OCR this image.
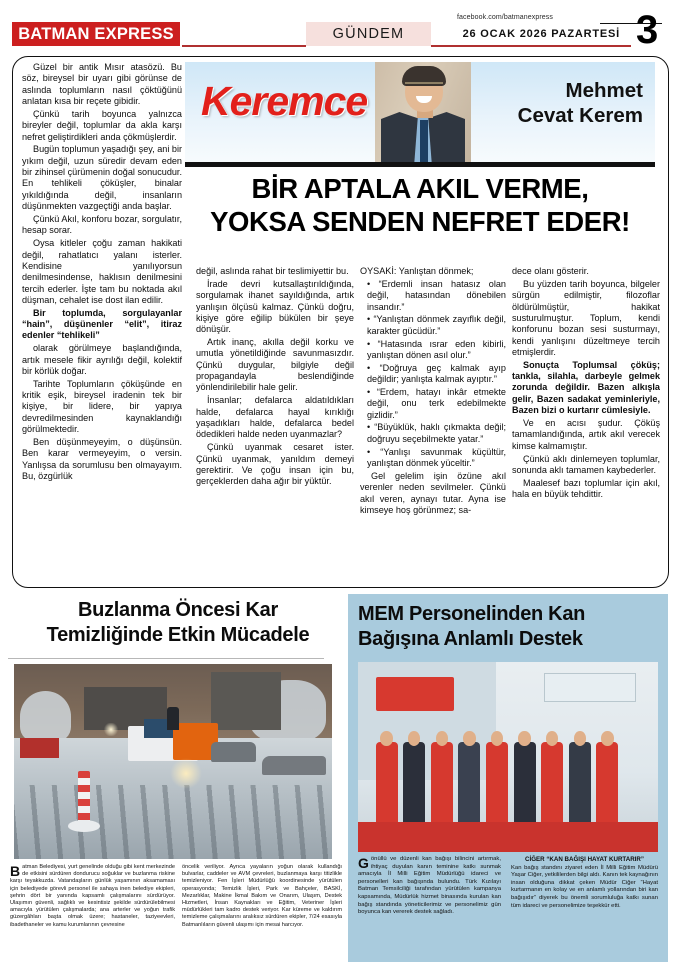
BATMAN EXPRESS	GÜNDEM
facebook.com/batmanexpress
26 OCAK 2026 PAZARTESİ 3
Keremce	Mehmet
Cevat Kerem
BİR APTALA AKIL VERME,
YOKSA SENDEN NEFRET EDER!

Güzel bir antik Mısır atasözü. Bu söz, bireysel bir uyarı gibi görünse de aslında toplumların nasıl çöktüğünü anlatan kısa bir reçete gibidir.

Çünkü tarih boyunca yalnızca bireyler değil, toplumlar da akla karşı nefret geliştirdikleri anda çökmüşlerdir.

Bugün toplumun yaşadığı şey, ani bir yıkım değil, uzun süredir devam eden bir zihinsel çürümenin doğal sonucudur. En tehlikeli çöküşler, binalar yıkıldığında değil, insanların düşünmekten vazgeçtiği anda başlar.

Çünkü Akıl, konforu bozar, sorgulatır, hesap sorar.

Oysa kitleler çoğu zaman hakikati değil, rahatlatıcı yalanı isterler. Kendisine yanılıyorsun denilmesindense, haklısın denilmesini tercih ederler. İşte tam bu noktada akıl düşman, cehalet ise dost ilan edilir.

Bir toplumda, sorgulayanlar “hain”, düşünenler “elit”, itiraz edenler “tehlikeli”

olarak görülmeye başlandığında, artık mesele fikir ayrılığı değil, kolektif bir körlük doğar.

Tarihte Toplumların çöküşünde en kritik eşik, bireysel iradenin tek bir kişiye, bir lidere, bir yapıya devredilmesinden kaynaklandığı görülmektedir.

Ben düşünmeyeyim, o düşünsün. Ben karar vermeyeyim, o versin. Yanlışsa da sorumlusu ben olmayayım. Bu, özgürlük

değil, aslında rahat bir teslimiyettir bu.

İrade devri kutsallaştırıldığında, sorgulamak ihanet sayıldığında, artık yanlışın ölçüsü kalmaz. Çünkü doğru, kişiye göre eğilip bükülen bir şeye dönüşür.

Artık inanç, akılla değil korku ve umutla yönetildiğinde savunmasızdır. Çünkü duygular, bilgiyle değil propagandayla beslendiğinde yönlendirilebilir hale gelir.

İnsanlar; defalarca aldatıldıkları halde, defalarca hayal kırıklığı yaşadıkları halde, defalarca bedel ödedikleri halde neden uyanmazlar?

Çünkü uyanmak cesaret ister. Çünkü uyanmak, yanıldım demeyi gerektirir. Ve çoğu insan için bu, gerçeklerden daha ağır bir yüktür.

OYSAKİ: Yanlıştan dönmek;

• “Erdemli insan hatasız olan değil, hatasından dönebilen insandır.”

• “Yanlıştan dönmek zayıflık değil, karakter gücüdür.”

• “Hatasında ısrar eden kibirli, yanlıştan dönen asıl olur.”

• “Doğruya geç kalmak ayıp değildir; yanlışta kalmak ayıptır.”

• “Erdem, hatayı inkâr etmekte değil, onu terk edebilmekte gizlidir.”

• “Büyüklük, haklı çıkmakta değil; doğruyu seçebilmekte yatar.”

• “Yanlışı savunmak küçültür, yanlıştan dönmek yüceltir.”

Gel gelelim işin özüne akıl verenler neden sevilmeler. Çünkü akıl veren, aynayı tutar. Ayna ise kimseye hoş görünmez; sa-

dece olanı gösterir.

Bu yüzden tarih boyunca, bilgeler sürgün edilmiştir, filozoflar öldürülmüştür, hakikat susturulmuştur. Toplum, kendi konforunu bozan sesi susturmayı, kendi yanlışını düzeltmeye tercih etmişlerdir.

Sonuçta Toplumsal çöküş; tankla, silahla, darbeyle gelmek zorunda değildir. Bazen alkışla gelir, Bazen sadakat yeminleriyle, Bazen bizi o kurtarır cümlesiyle.

Ve en acısı şudur. Çöküş tamamlandığında, artık akıl verecek kimse kalmamıştır.

Çünkü aklı dinlemeyen toplumlar, sonunda aklı tamamen kaybederler.

Maalesef bazı toplumlar için akıl, hala en büyük tehdittir.

Buzlanma Öncesi Kar
Temizliğinde Etkin Mücadele
Batman Belediyesi, yurt genelinde olduğu gibi kent merkezinde de etkisini sürdüren dondurucu soğuklar ve buzlanma riskine karşı teyakkuzda. Vatandaşların günlük yaşamının aksamaması için belediyede görevli personel ile sahaya inen belediye ekipleri, şehrin dört bir yanında kapsamlı çalışmalarını sürdürüyor. Ulaşımın güvenli, sağlıklı ve kesintisiz şekilde sürdürülebilmesi amacıyla yürütülen çalışmalarda; ana arterler ve yoğun trafik güzergâhları başta olmak üzere; hastaneler, taziyeevleri, ibadethaneler ve kamu kurumlarının çevresine
öncelik veriliyor. Ayrıca yayaların yoğun olarak kullandığı bulvarlar, caddeler ve AVM çevreleri, buzlanmaya karşı titizlikle temizleniyor. Fen İşleri Müdürlüğü koordinesinde yürütülen operasyonda; Temizlik İşleri, Park ve Bahçeler, BASKİ, Mezarlıklar, Makine İkmal Bakım ve Onarım, Ulaşım, Destek Hizmetleri, İnsan Kaynakları ve Eğitim, Veteriner İşleri müdürlükleri tam kadro destek veriyor. Kar küreme ve kaldırım temizleme çalışmalarını aralıksız sürdüren ekipler, 7/24 esasıyla Batmanlıların güvenli ulaşımı için mesai harcıyor.
MEM Personelinden Kan
Bağışına Anlamlı Destek
Gönüllü ve düzenli kan bağışı bilincini artırmak, ihtiyaç duyulan kanın teminine katkı sunmak amacıyla İl Milli Eğitim Müdürlüğü idareci ve personelleri kan bağışında bulundu. Türk Kızılayı Batman Temsilciliği tarafından yürütülen kampanya kapsamında, Müdürlük hizmet binasında kurulan kan bağış standında yöneticilerimiz ve personelimiz gün boyunca kan vererek destek sağladı.
CİĞER “KAN BAĞIŞI HAYAT KURTARIR”
Kan bağış standını ziyaret eden İl Milli Eğitim Müdürü Yaşar Ciğer, yetkililerden bilgi aldı. Kanın tek kaynağının insan olduğuna dikkat çeken Müdür Ciğer “Hayat kurtarmanın en kolay ve en anlamlı yollarından biri kan bağışıdır” diyerek bu önemli sorumluluğa katkı sunan tüm idareci ve personelimize teşekkür etti.
